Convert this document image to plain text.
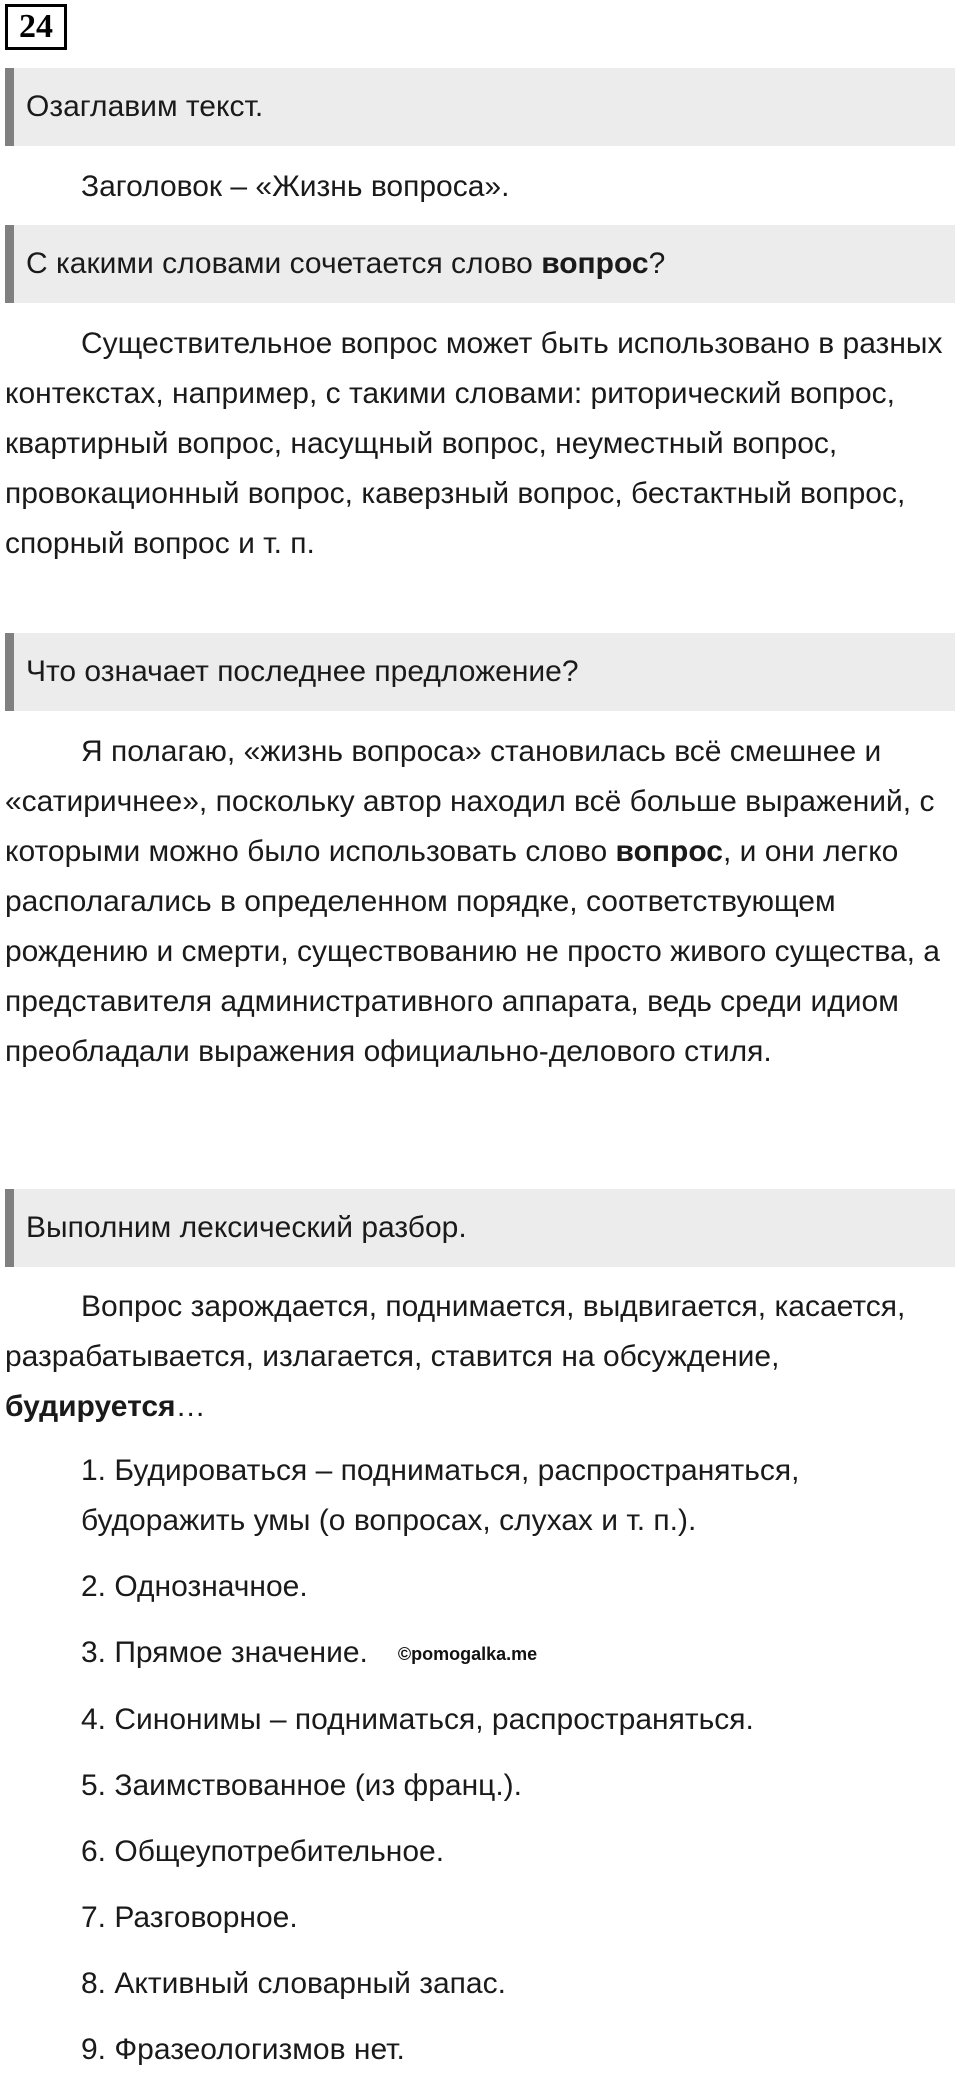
24
Озаглавим текст.
Заголовок – «Жизнь вопроса».
С какими словами сочетается слово вопрос?
Существительное вопрос может быть использовано в разных контекстах, например, с такими словами: риторический вопрос, квартирный вопрос, насущный вопрос, неуместный вопрос, провокационный вопрос, каверзный вопрос, бестактный вопрос, спорный вопрос и т. п.
Что означает последнее предложение?
Я полагаю, «жизнь вопроса» становилась всё смешнее и «сатиричнее», поскольку автор находил всё больше выражений, с которыми можно было использовать слово вопрос, и они легко располагались в определенном порядке, соответствующем рождению и смерти, существованию не просто живого существа, а представителя административного аппарата, ведь среди идиом преобладали выражения официально-делового стиля.
Выполним лексический разбор.
Вопрос зарождается, поднимается, выдвигается, касается, разрабатывается, излагается, ставится на обсуждение, будируется…
1. Будироваться – подниматься, распространяться, будоражить умы (о вопросах, слухах и т. п.).
2. Однозначное.
3. Прямое значение. ©pomogalka.me
4. Синонимы – подниматься, распространяться.
5. Заимствованное (из франц.).
6. Общеупотребительное.
7. Разговорное.
8. Активный словарный запас.
9. Фразеологизмов нет.
